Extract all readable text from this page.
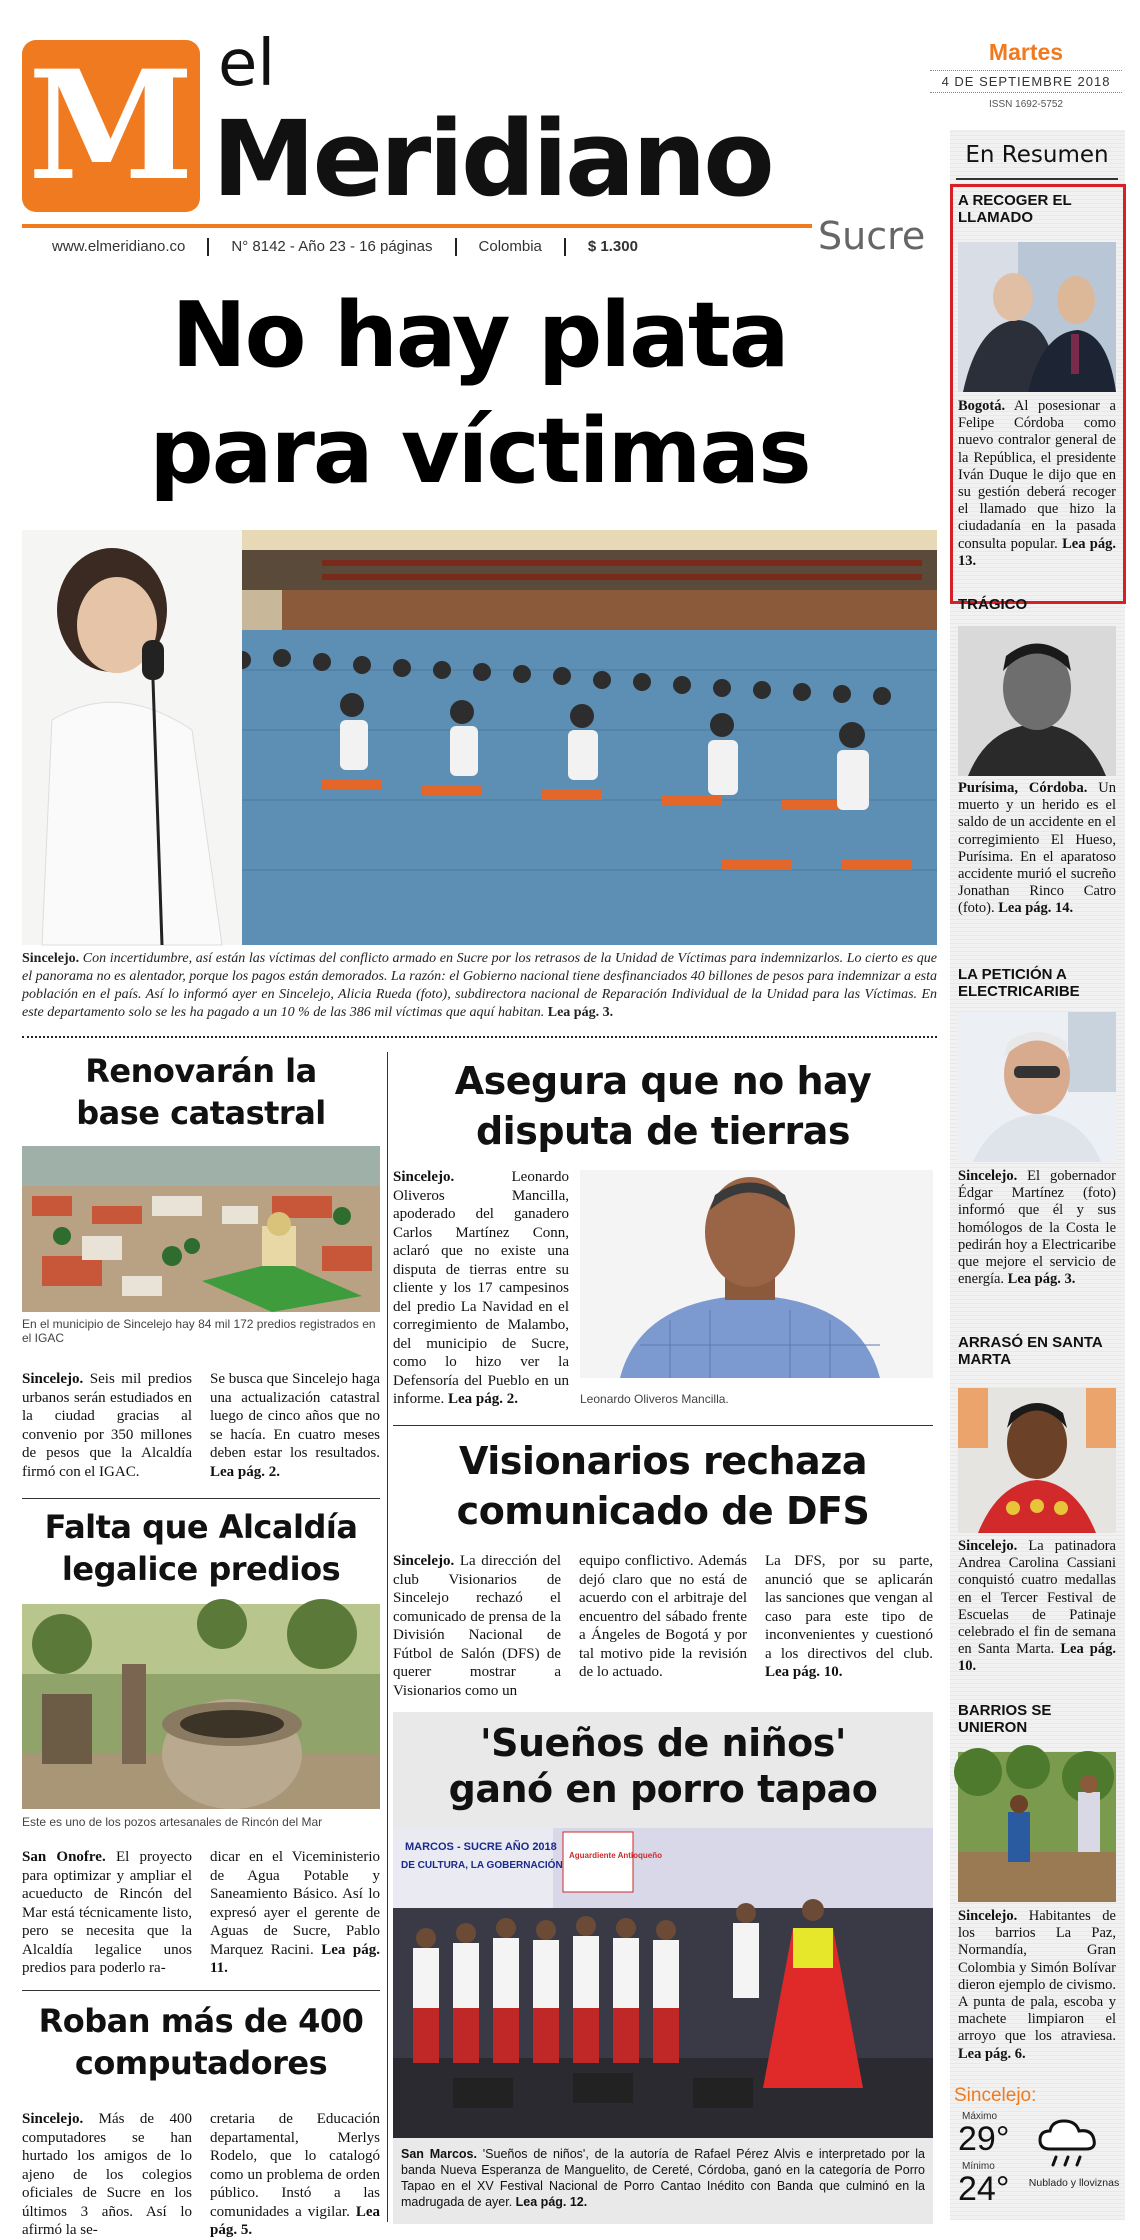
M el
Meridiano
Sucre
www.elmeridiano.co	N° 8142 - Año 23 - 16 páginas	Colombia	$ 1.300
Martes
4 DE SEPTIEMBRE 2018
ISSN 1692-5752
No hay plata
para víctimas
Sincelejo. Con incertidumbre, así están las víctimas del conflicto armado en Sucre por los retrasos de la Unidad de Víctimas para indemnizarlos. Lo cierto es que el panorama no es alentador, porque los pagos están demorados. La razón: el Gobierno nacional tiene desfinanciados 40 billones de pesos para indemnizar a esta población en el país. Así lo informó ayer en Sincelejo, Alicia Rueda (foto), subdirectora nacional de Reparación Individual de la Unidad para las Víctimas. En este departamento solo se les ha pagado a un 10 % de las 386 mil víctimas que aquí habitan. Lea pág. 3.
Renovarán la
base catastral
En el municipio de Sincelejo hay 84 mil 172 predios registrados en el IGAC
Sincelejo. Seis mil predios urbanos serán estudiados en la ciudad gracias al convenio por 350 millones de pesos que la Alcaldía firmó con el IGAC.
Se busca que Sincelejo haga una actualización catastral luego de cinco años que no se hacía. En cuatro meses deben estar los resultados. Lea pág. 2.
Falta que Alcaldía
legalice predios
Este es uno de los pozos artesanales de Rincón del Mar
San Onofre. El proyecto para optimizar y ampliar el acueducto de Rincón del Mar está técnicamente listo, pero se necesita que la Alcaldía legalice unos predios para poderlo ra-
dicar en el Viceministerio de Agua Potable y Saneamiento Básico. Así lo expresó ayer el gerente de Aguas de Sucre, Pablo Marquez Racini. Lea pág. 11.
Roban más de 400
computadores
Sincelejo. Más de 400 computadores se han hurtado los amigos de lo ajeno de los colegios oficiales de Sucre en los últimos 3 años. Así lo afirmó la se-
cretaria de Educación departamental, Merlys Rodelo, que lo catalogó como un problema de orden público. Instó a las comunidades a vigilar. Lea pág. 5.
Asegura que no hay
disputa de tierras
Sincelejo. Leonardo Oliveros Mancilla, apoderado del ganadero Carlos Martínez Conn, aclaró que no existe una disputa de tierras entre su cliente y los 17 campesinos del predio La Navidad en el corregimiento de Malambo, del municipio de Sucre, como lo hizo ver la Defensoría del Pueblo en un informe. Lea pág. 2.	Leonardo Oliveros Mancilla.
Visionarios rechaza
comunicado de DFS
Sincelejo. La dirección del club Visionarios de Sincelejo rechazó el comunicado de prensa de la División Nacional de Fútbol de Salón (DFS) de querer mostrar a Visionarios como un
equipo conflictivo. Además dejó claro que no está de acuerdo con el arbitraje del encuentro del sábado frente a Ángeles de Bogotá y por tal motivo pide la revisión de lo actuado.
La DFS, por su parte, anunció que se aplicarán las sanciones que vengan al caso para este tipo de inconvenientes y cuestionó a los directivos del club. Lea pág. 10.
'Sueños de niños'
ganó en porro tapao
MARCOS - SUCRE AÑO 2018
DE CULTURA, LA GOBERNACIÓN
Aguardiente Antioqueño
San Marcos. 'Sueños de niños', de la autoría de Rafael Pérez Alvis e interpretado por la banda Nueva Esperanza de Manguelito, de Cereté, Córdoba, ganó en la categoría de Porro Tapao en el XV Festival Nacional de Porro Cantao Inédito con Banda que culminó en la madrugada de ayer. Lea pág. 12.
En Resumen
A RECOGER EL LLAMADO
Bogotá. Al posesionar a Felipe Córdoba como nuevo contralor general de la República, el presidente Iván Duque le dijo que en su gestión deberá recoger el llamado que hizo la ciudadanía en la pasada consulta popular. Lea pág. 13.
TRÁGICO
Purísima, Córdoba. Un muerto y un herido es el saldo de un accidente en el corregimiento El Hueso, Purísima. En el aparatoso accidente murió el sucreño Jonathan Rinco Catro (foto). Lea pág. 14.
LA PETICIÓN A ELECTRICARIBE
Sincelejo. El gobernador Édgar Martínez (foto) informó que él y sus homólogos de la Costa le pedirán hoy a Electricaribe que mejore el servicio de energía. Lea pág. 3.
ARRASÓ EN SANTA MARTA
Sincelejo. La patinadora Andrea Carolina Cassiani conquistó cuatro medallas en el Tercer Festival de Escuelas de Patinaje celebrado el fin de semana en Santa Marta. Lea pág. 10.
BARRIOS SE UNIERON
Sincelejo. Habitantes de los barrios La Paz, Normandía, Gran Colombia y Simón Bolívar dieron ejemplo de civismo. A punta de pala, escoba y machete limpiaron el arroyo que los atraviesa. Lea pág. 6.
Sincelejo:
Máximo
29°
Mínimo
24° Nublado y lloviznas
